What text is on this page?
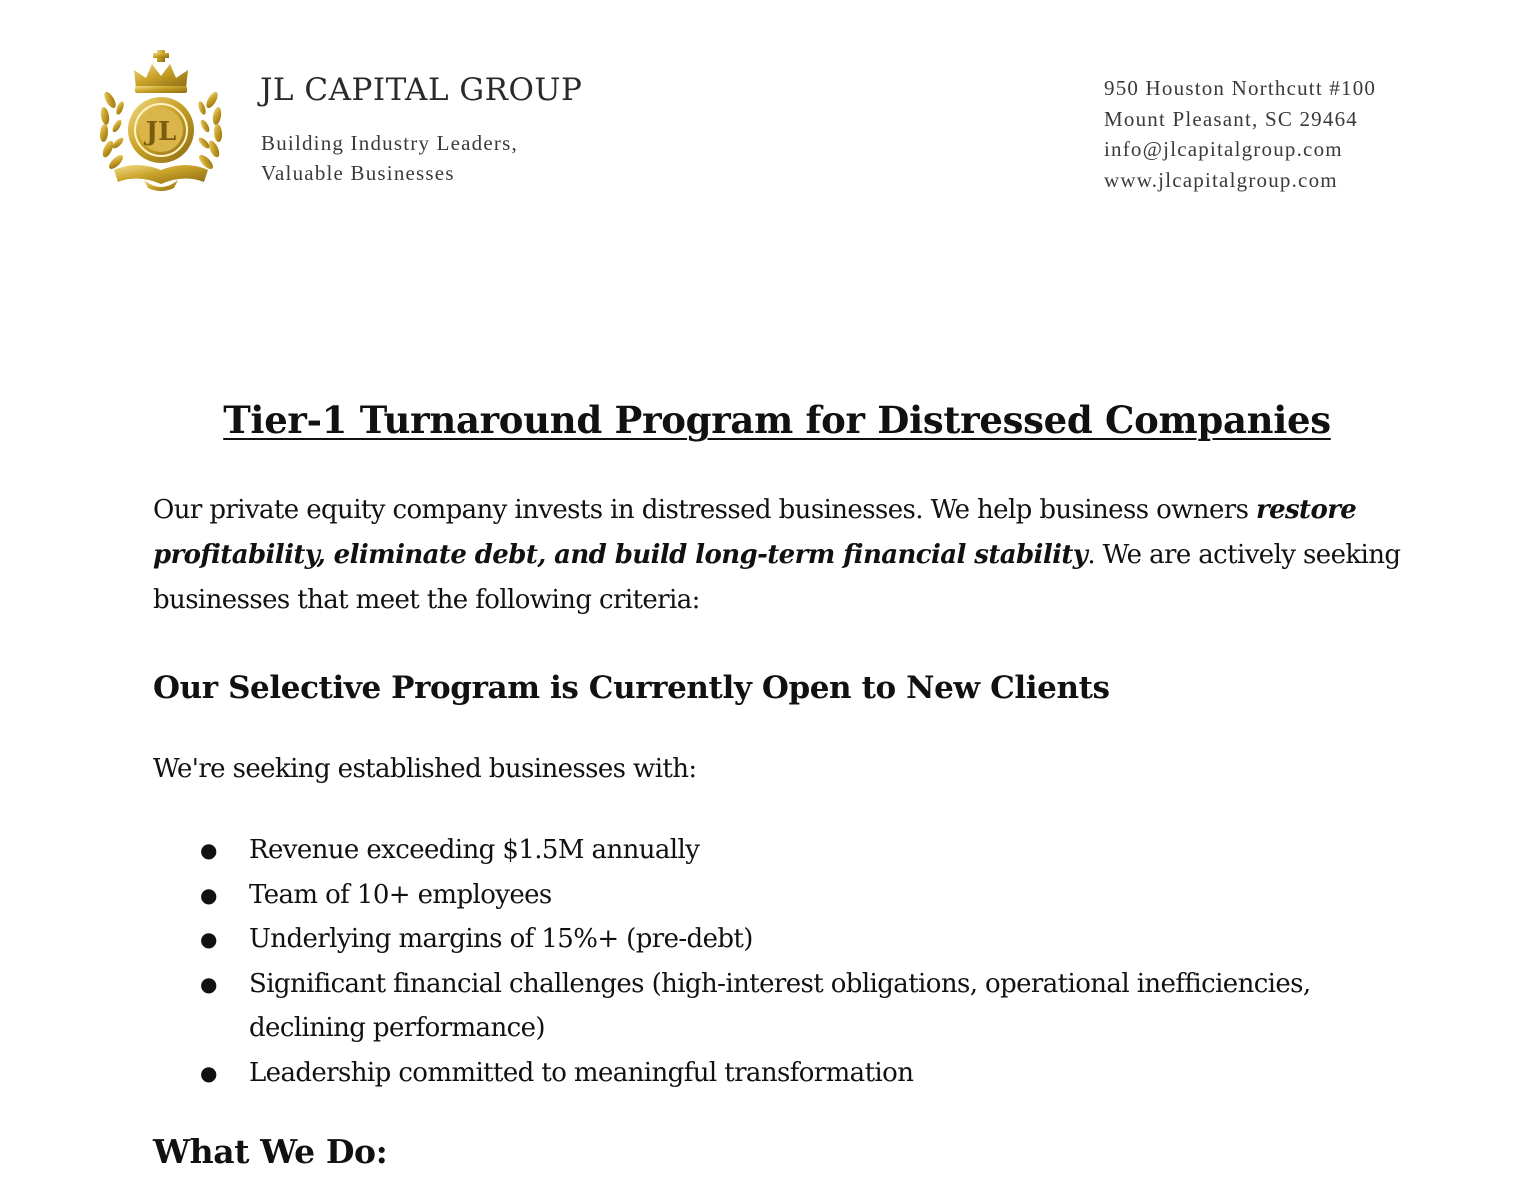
JL
JL CAPITAL GROUP
Building Industry Leaders,
Valuable Businesses
950 Houston Northcutt #100
Mount Pleasant, SC 29464
info@jlcapitalgroup.com
www.jlcapitalgroup.com
Tier-1 Turnaround Program for Distressed Companies
Our private equity company invests in distressed businesses. We help business owners restore
profitability, eliminate debt, and build long-term financial stability. We are actively seeking
businesses that meet the following criteria:
Our Selective Program is Currently Open to New Clients
We're seeking established businesses with:
● Revenue exceeding $1.5M annually
● Team of 10+ employees
● Underlying margins of 15%+ (pre-debt)
● Significant financial challenges (high-interest obligations, operational inefficiencies,
declining performance)
● Leadership committed to meaningful transformation
What We Do:
